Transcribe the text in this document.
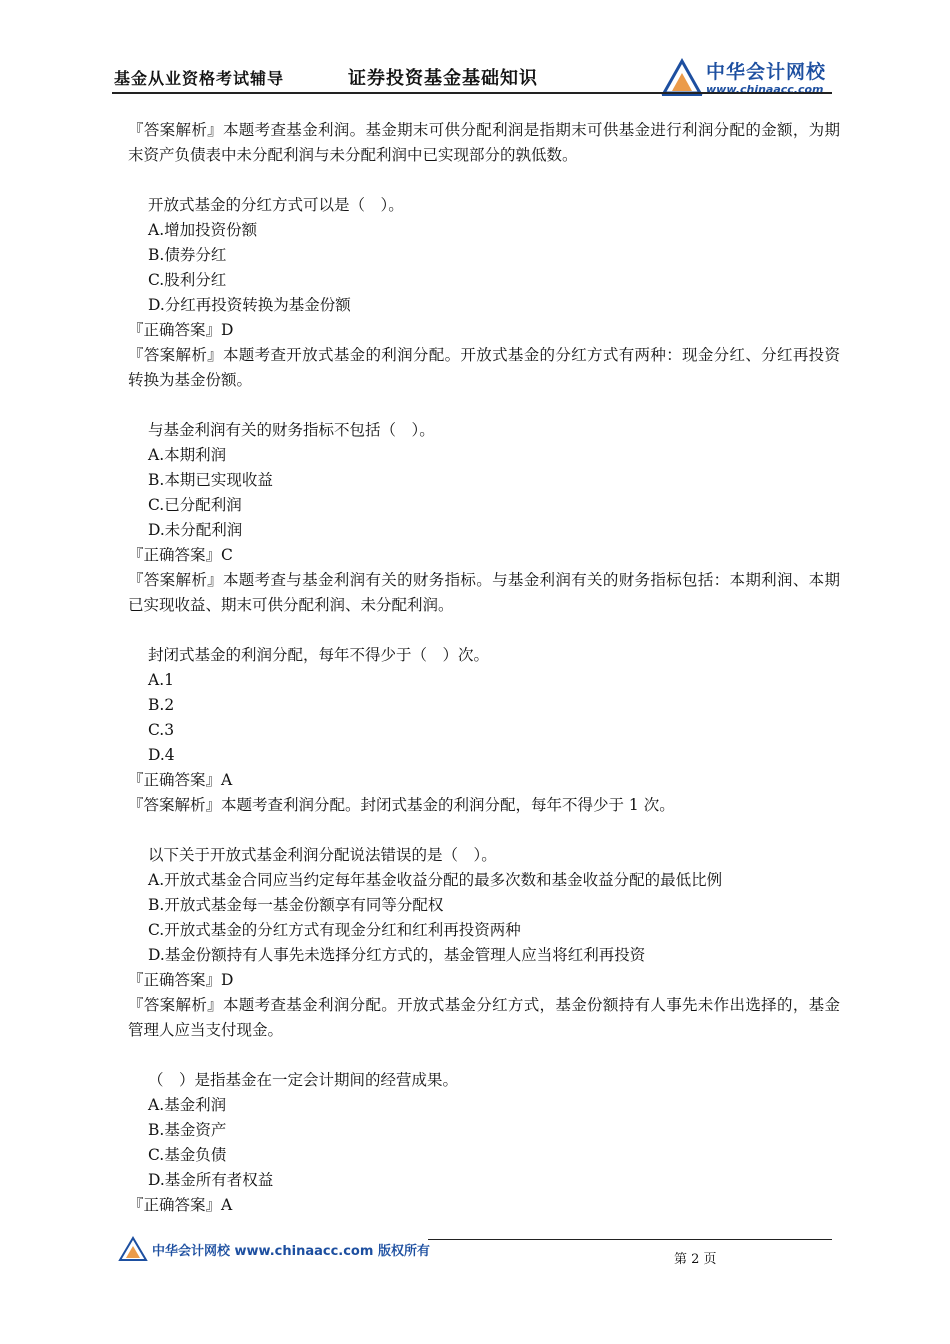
基金从业资格考试辅导	证券投资基金基础知识	中华会计网校
www.chinaacc.com

『答案解析』本题考查基金利润。基金期末可供分配利润是指期末可供基金进行利润分配的金额，为期末资产负债表中未分配利润与未分配利润中已实现部分的孰低数。

开放式基金的分红方式可以是（　）。

A.增加投资份额

B.债券分红

C.股利分红

D.分红再投资转换为基金份额

『正确答案』D

『答案解析』本题考查开放式基金的利润分配。开放式基金的分红方式有两种：现金分红、分红再投资转换为基金份额。

与基金利润有关的财务指标不包括（　）。

A.本期利润

B.本期已实现收益

C.已分配利润

D.未分配利润

『正确答案』C

『答案解析』本题考查与基金利润有关的财务指标。与基金利润有关的财务指标包括：本期利润、本期已实现收益、期末可供分配利润、未分配利润。

封闭式基金的利润分配，每年不得少于（　）次。

A.1

B.2

C.3

D.4

『正确答案』A

『答案解析』本题考查利润分配。封闭式基金的利润分配，每年不得少于 1 次。

以下关于开放式基金利润分配说法错误的是（　）。

A.开放式基金合同应当约定每年基金收益分配的最多次数和基金收益分配的最低比例

B.开放式基金每一基金份额享有同等分配权

C.开放式基金的分红方式有现金分红和红利再投资两种

D.基金份额持有人事先未选择分红方式的，基金管理人应当将红利再投资

『正确答案』D

『答案解析』本题考查基金利润分配。开放式基金分红方式，基金份额持有人事先未作出选择的，基金管理人应当支付现金。

（　）是指基金在一定会计期间的经营成果。

A.基金利润

B.基金资产

C.基金负债

D.基金所有者权益

『正确答案』A

中华会计网校 www.chinaacc.com 版权所有
第 2 页
